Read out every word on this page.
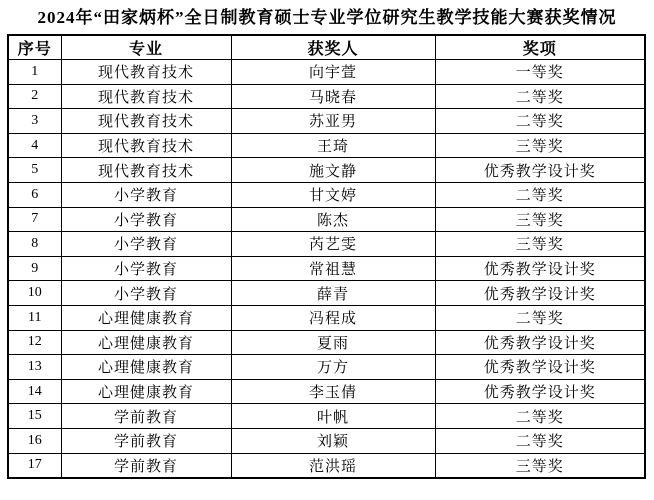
2024年“田家炳杯”全日制教育硕士专业学位研究生教学技能大赛获奖情况
序号	专业	获奖人	奖项
1	现代教育技术	向宇萱	一等奖
2	现代教育技术	马晓春	二等奖
3	现代教育技术	苏亚男	二等奖
4	现代教育技术	王琦	三等奖
5	现代教育技术	施文静	优秀教学设计奖
6	小学教育	甘文婷	二等奖
7	小学教育	陈杰	三等奖
8	小学教育	芮艺雯	三等奖
9	小学教育	常祖慧	优秀教学设计奖
10	小学教育	薛青	优秀教学设计奖
11	心理健康教育	冯程成	二等奖
12	心理健康教育	夏雨	优秀教学设计奖
13	心理健康教育	万方	优秀教学设计奖
14	心理健康教育	李玉倩	优秀教学设计奖
15	学前教育	叶帆	二等奖
16	学前教育	刘颖	二等奖
17	学前教育	范洪瑶	三等奖
